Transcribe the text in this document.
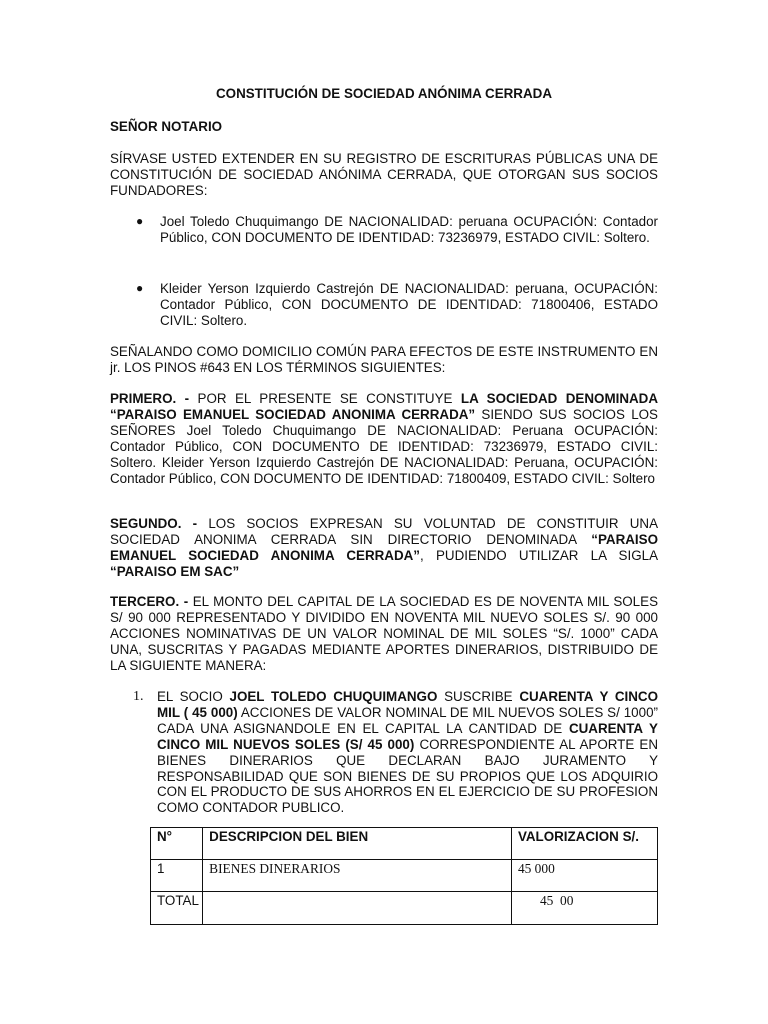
CONSTITUCIÓN DE SOCIEDAD ANÓNIMA CERRADA
SEÑOR NOTARIO
SÍRVASE USTED EXTENDER EN SU REGISTRO DE ESCRITURAS PÚBLICAS UNA DE CONSTITUCIÓN DE SOCIEDAD ANÓNIMA CERRADA, QUE OTORGAN SUS SOCIOS FUNDADORES:
● Joel Toledo Chuquimango DE NACIONALIDAD: peruana OCUPACIÓN: Contador Público, CON DOCUMENTO DE IDENTIDAD: 73236979, ESTADO CIVIL: Soltero.
● Kleider Yerson Izquierdo Castrejón DE NACIONALIDAD: peruana, OCUPACIÓN: Contador Público, CON DOCUMENTO DE IDENTIDAD: 71800406, ESTADO CIVIL: Soltero.
SEÑALANDO COMO DOMICILIO COMÚN PARA EFECTOS DE ESTE INSTRUMENTO EN jr. LOS PINOS #643 EN LOS TÉRMINOS SIGUIENTES:
PRIMERO. - POR EL PRESENTE SE CONSTITUYE LA SOCIEDAD DENOMINADA “PARAISO EMANUEL SOCIEDAD ANONIMA CERRADA” SIENDO SUS SOCIOS LOS SEÑORES Joel Toledo Chuquimango DE NACIONALIDAD: Peruana OCUPACIÓN: Contador Público, CON DOCUMENTO DE IDENTIDAD: 73236979, ESTADO CIVIL: Soltero. Kleider Yerson Izquierdo Castrejón DE NACIONALIDAD: Peruana, OCUPACIÓN: Contador Público, CON DOCUMENTO DE IDENTIDAD: 71800409, ESTADO CIVIL: Soltero
SEGUNDO. - LOS SOCIOS EXPRESAN SU VOLUNTAD DE CONSTITUIR UNA SOCIEDAD ANONIMA CERRADA SIN DIRECTORIO DENOMINADA “PARAISO EMANUEL SOCIEDAD ANONIMA CERRADA”, PUDIENDO UTILIZAR LA SIGLA “PARAISO EM SAC”
TERCERO. - EL MONTO DEL CAPITAL DE LA SOCIEDAD ES DE NOVENTA MIL SOLES S/ 90 000 REPRESENTADO Y DIVIDIDO EN NOVENTA MIL NUEVO SOLES S/. 90 000 ACCIONES NOMINATIVAS DE UN VALOR NOMINAL DE MIL SOLES “S/. 1000” CADA UNA, SUSCRITAS Y PAGADAS MEDIANTE APORTES DINERARIOS, DISTRIBUIDO DE LA SIGUIENTE MANERA:
1. EL SOCIO JOEL TOLEDO CHUQUIMANGO SUSCRIBE CUARENTA Y CINCO MIL ( 45 000) ACCIONES DE VALOR NOMINAL DE MIL NUEVOS SOLES S/ 1000” CADA UNA ASIGNANDOLE EN EL CAPITAL LA CANTIDAD DE CUARENTA Y CINCO MIL NUEVOS SOLES (S/ 45 000) CORRESPONDIENTE AL APORTE EN BIENES DINERARIOS QUE DECLARAN BAJO JURAMENTO Y RESPONSABILIDAD QUE SON BIENES DE SU PROPIOS QUE LOS ADQUIRIO CON EL PRODUCTO DE SUS AHORROS EN EL EJERCICIO DE SU PROFESION COMO CONTADOR PUBLICO.
N°	DESCRIPCION DEL BIEN	VALORIZACION S/.
1	BIENES DINERARIOS	45 000
TOTAL		45  00
